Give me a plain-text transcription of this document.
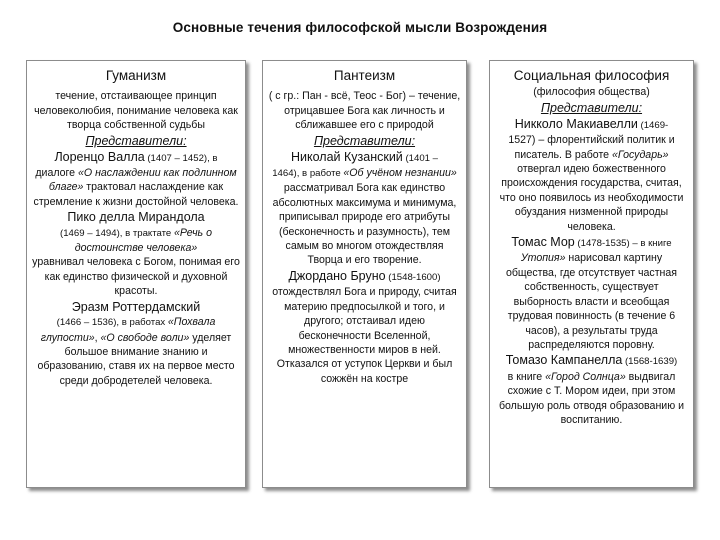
Основные течения философской мысли Возрождения
Гуманизм

течение, отстаивающее принцип человеколюбия, понимание человека как творца собственной судьбы

Представители:

Лоренцо Валла (1407 – 1452), в
диалоге «О наслаждении как подлинном благе» трактовал наслаждение как стремление к жизни достойной человека.

Пико делла Мирандола
(1469 – 1494), в трактате «Речь о достоинстве человека»
уравнивал человека с Богом, понимая его как единство физической и духовной красоты.

Эразм Роттердамский
(1466 – 1536), в работах «Похвала глупости», «О свободе воли» уделяет большое внимание знанию и образованию, ставя их на первое место среди добродетелей человека.

Пантеизм

( с гр.: Пан - всё, Теос - Бог) – течение, отрицавшее Бога как личность и сближавшее его с природой

Представители:

Николай Кузанский (1401 –
1464), в работе «Об учёном незнании» рассматривал Бога как единство абсолютных максимума и минимума, приписывал природе его атрибуты (бесконечность и разумность), тем самым во многом отождествляя Творца и его творение.

Джордано Бруно (1548-1600)
отождествлял Бога и природу, считая материю предпосылкой и того, и другого; отстаивал идею бесконечности Вселенной, множественности миров в ней. Отказался от уступок Церкви и был сожжён на костре

Социальная философия

(философия общества)

Представители:

Никколо Макиавелли (1469-
1527) – флорентийский политик и писатель. В работе «Государь» отвергал идею божественного происхождения государства, считая, что оно появилось из необходимости обуздания низменной природы человека.

Томас Мор (1478-1535) – в книге
Утопия» нарисовал картину общества, где отсутствует частная собственность, существует выборность власти и всеобщая трудовая повинность (в течение 6 часов), а результаты труда распределяются поровну.

Томазо Кампанелла (1568-1639)
в книге «Город Солнца» выдвигал схожие с Т. Мором идеи, при этом большую роль отводя образованию и воспитанию.
